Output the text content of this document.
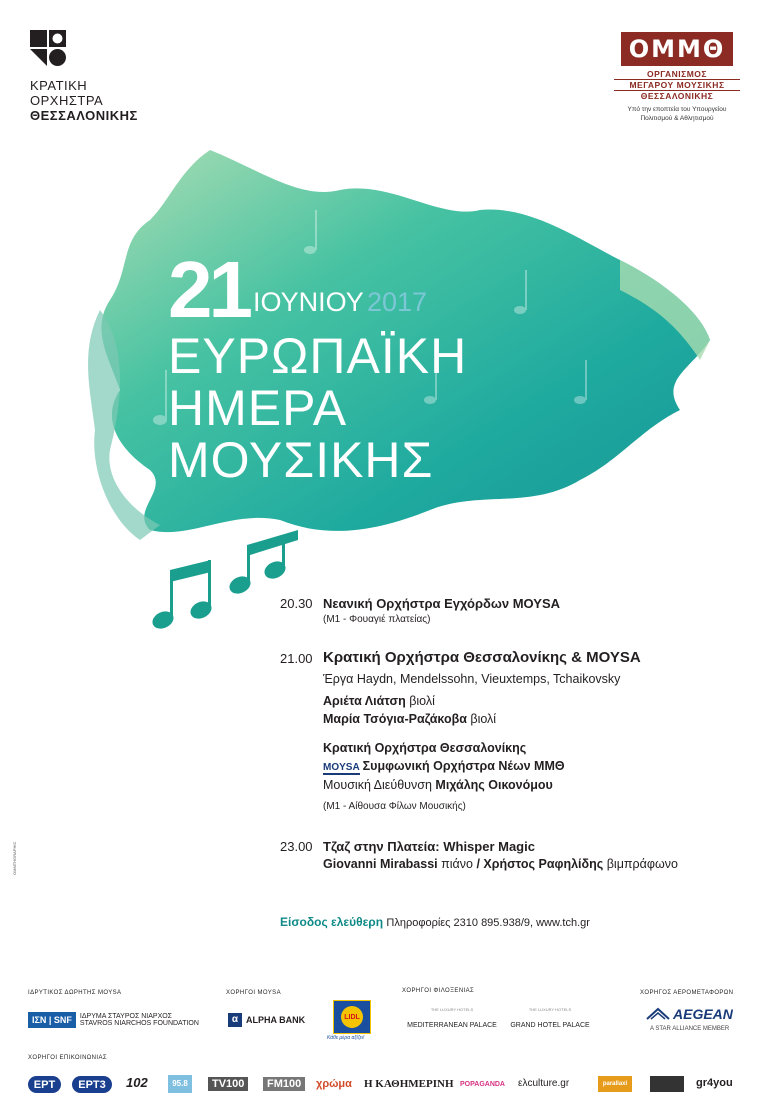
ΚΡΑΤΙΚΗ
ΟΡΧΗΣΤΡΑ
ΘΕΣΣΑΛΟΝΙΚΗΣ
ΟΜΜΘ
ΟΡΓΑΝΙΣΜΟΣ
ΜΕΓΑΡΟΥ ΜΟΥΣΙΚΗΣ
ΘΕΣΣΑΛΟΝΙΚΗΣ
Υπό την εποπτεία του Υπουργείου
Πολιτισμού & Αθλητισμού
21 ΙΟΥΝΙΟΥ 2017
ΕΥΡΩΠΑΪΚΗ
ΗΜΕΡΑ
ΜΟΥΣΙΚΗΣ
20.30 Νεανική Ορχήστρα Εγχόρδων ΜΟΥSA
(Μ1 - Φουαγιέ πλατείας)
21.00 Κρατική Ορχήστρα Θεσσαλονίκης & ΜΟΥSA
Έργα Haydn, Mendelssohn, Vieuxtemps, Tchaikovsky
Αριέτα Λιάτση βιολί
Μαρία Τσόγια-Ραζάκοβα βιολί
Κρατική Ορχήστρα Θεσσαλονίκης
MOYSA Συμφωνική Ορχήστρα Νέων ΜΜΘ
Μουσική Διεύθυνση Μιχάλης Οικονόμου
(Μ1 - Αίθουσα Φίλων Μουσικής)
23.00 Τζαζ στην Πλατεία: Whisper Magic
Giovanni Mirabassi πιάνο / Χρήστος Ραφηλίδης βιμπράφωνο
Είσοδος ελεύθερη Πληροφορίες 2310 895.938/9, www.tch.gr
OMMTHGRAPHIC
ΙΔΡΥΤΙΚΟΣ ΔΩΡΗΤΗΣ ΜΟΥSA
ΙΣΝ | SNF	ΙΔΡΥΜΑ ΣΤΑΥΡΟΣ ΝΙΑΡΧΟΣ
STAVROS NIARCHOS FOUNDATION
ΧΟΡΗΓΟΙ ΜΟΥSA
α ALPHA BANK	LIDL
Κάθε μέρα αξίζει!
ΧΟΡΗΓΟΙ ΦΙΛΟΞΕΝΙΑΣ
THE LUXURY HOTELS
MEDITERRANEAN PALACE
THE LUXURY HOTELS
GRAND HOTEL PALACE
ΧΟΡΗΓΟΣ ΑΕΡΟΜΕΤΑΦΟΡΩΝ
AEGEAN
A STAR ALLIANCE MEMBER
ΧΟΡΗΓΟΙ ΕΠΙΚΟΙΝΩΝΙΑΣ
ΕΡΤ	ΕΡΤ3	102	95.8	TV100	FM100	χρώμα Η ΚΑΘΗΜΕΡΙΝΗ POPAGANDA ελculture.gr	parallaxi	gr4you
